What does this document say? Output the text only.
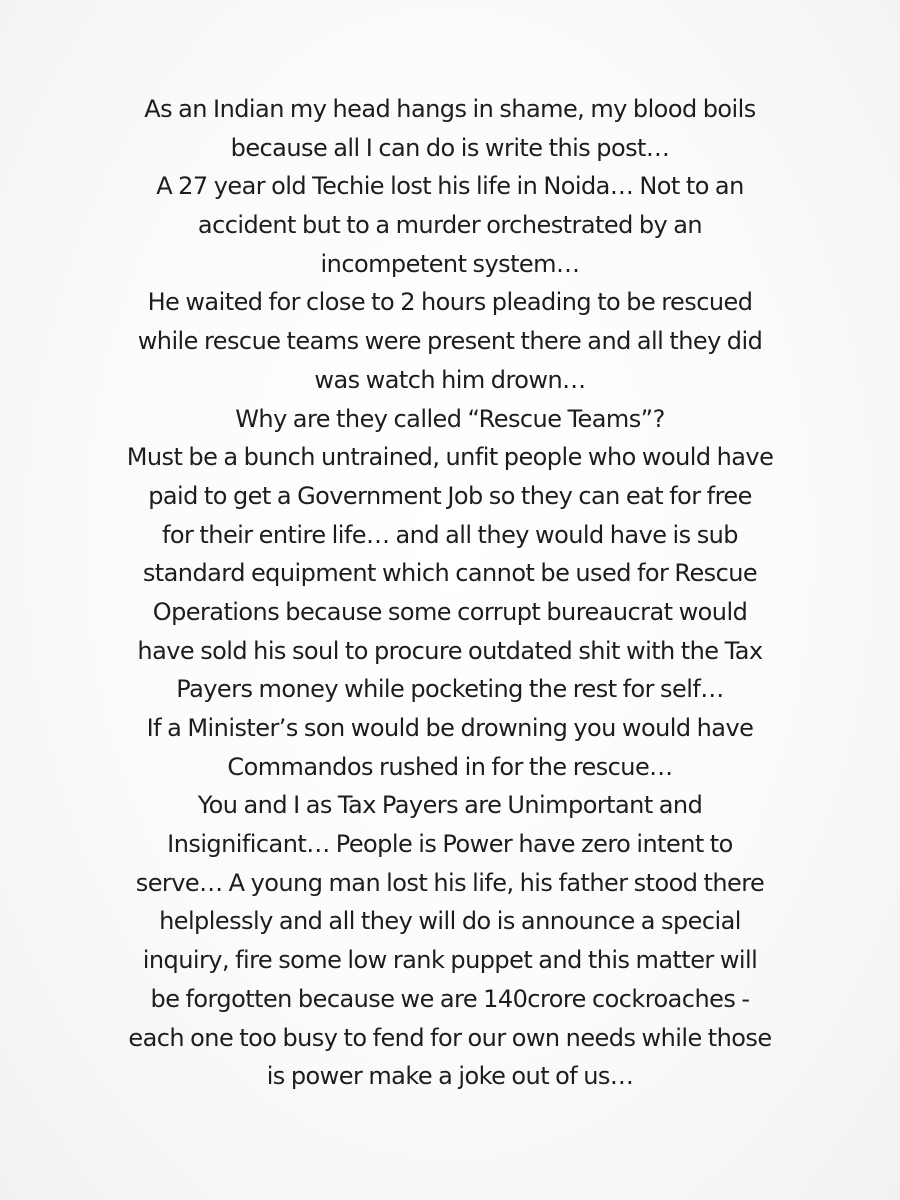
As an Indian my head hangs in shame, my blood boils
because all I can do is write this post…
A 27 year old Techie lost his life in Noida… Not to an
accident but to a murder orchestrated by an
incompetent system…
He waited for close to 2 hours pleading to be rescued
while rescue teams were present there and all they did
was watch him drown…
Why are they called “Rescue Teams”?
Must be a bunch untrained, unfit people who would have
paid to get a Government Job so they can eat for free
for their entire life… and all they would have is sub
standard equipment which cannot be used for Rescue
Operations because some corrupt bureaucrat would
have sold his soul to procure outdated shit with the Tax
Payers money while pocketing the rest for self…
If a Minister’s son would be drowning you would have
Commandos rushed in for the rescue…
You and I as Tax Payers are Unimportant and
Insignificant… People is Power have zero intent to
serve… A young man lost his life, his father stood there
helplessly and all they will do is announce a special
inquiry, fire some low rank puppet and this matter will
be forgotten because we are 140crore cockroaches -
each one too busy to fend for our own needs while those
is power make a joke out of us…
